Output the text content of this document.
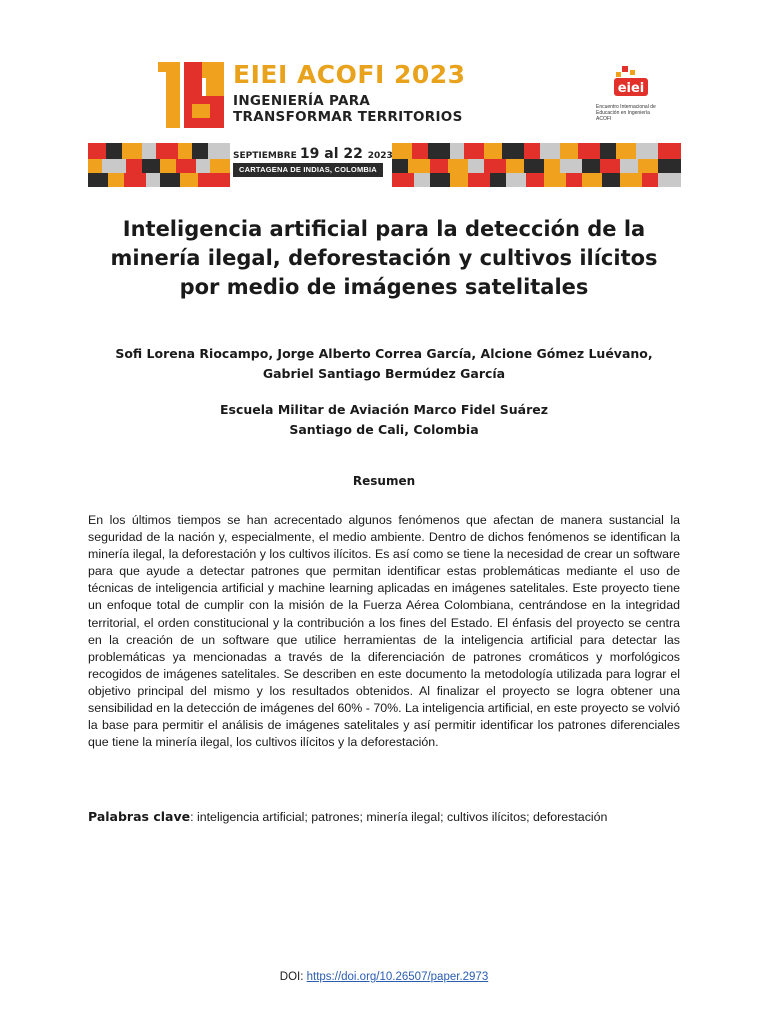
EIEI ACOFI 2023
INGENIERÍA PARA
TRANSFORMAR TERRITORIOS
eiei
Encuentro Internacional de Educación en Ingeniería ACOFI
SEPTIEMBRE 19 al 22 2023
CARTAGENA DE INDIAS, COLOMBIA
Inteligencia artificial para la detección de la minería ilegal, deforestación y cultivos ilícitos por medio de imágenes satelitales
Sofi Lorena Riocampo, Jorge Alberto Correa García, Alcione Gómez Luévano,
Gabriel Santiago Bermúdez García
Escuela Militar de Aviación Marco Fidel Suárez
Santiago de Cali, Colombia
Resumen
En los últimos tiempos se han acrecentado algunos fenómenos que afectan de manera sustancial la seguridad de la nación y, especialmente, el medio ambiente. Dentro de dichos fenómenos se identifican la minería ilegal, la deforestación y los cultivos ilícitos. Es así como se tiene la necesidad de crear un software para que ayude a detectar patrones que permitan identificar estas problemáticas mediante el uso de técnicas de inteligencia artificial y machine learning aplicadas en imágenes satelitales. Este proyecto tiene un enfoque total de cumplir con la misión de la Fuerza Aérea Colombiana, centrándose en la integridad territorial, el orden constitucional y la contribución a los fines del Estado. El énfasis del proyecto se centra en la creación de un software que utilice herramientas de la inteligencia artificial para detectar las problemáticas ya mencionadas a través de la diferenciación de patrones cromáticos y morfológicos recogidos de imágenes satelitales. Se describen en este documento la metodología utilizada para lograr el objetivo principal del mismo y los resultados obtenidos. Al finalizar el proyecto se logra obtener una sensibilidad en la detección de imágenes del 60% - 70%. La inteligencia artificial, en este proyecto se volvió la base para permitir el análisis de imágenes satelitales y así permitir identificar los patrones diferenciales que tiene la minería ilegal, los cultivos ilícitos y la deforestación.
Palabras clave: inteligencia artificial; patrones; minería ilegal; cultivos ilícitos; deforestación
DOI: https://doi.org/10.26507/paper.2973
